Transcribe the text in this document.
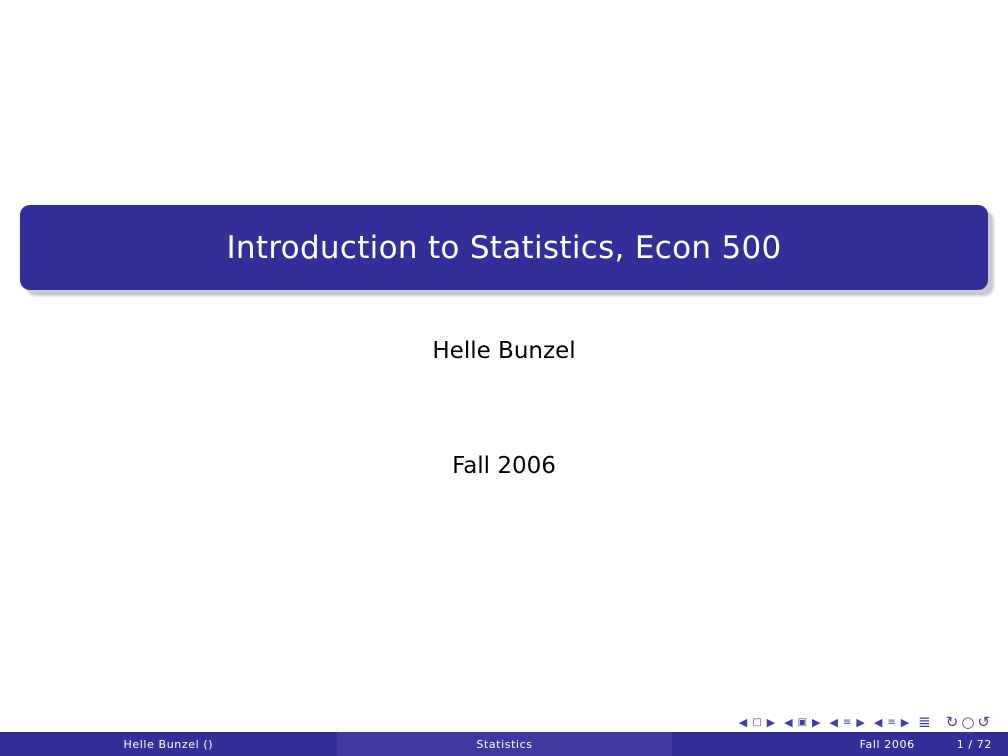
Introduction to Statistics, Econ 500
Helle Bunzel
Fall 2006
◀ □ ▶ ◀ ▣ ▶ ◀ ≡ ▶ ◀ ≡ ▶ ≣ ↻ ○ ↺
Helle Bunzel ()	Statistics	Fall 2006	1 / 72
